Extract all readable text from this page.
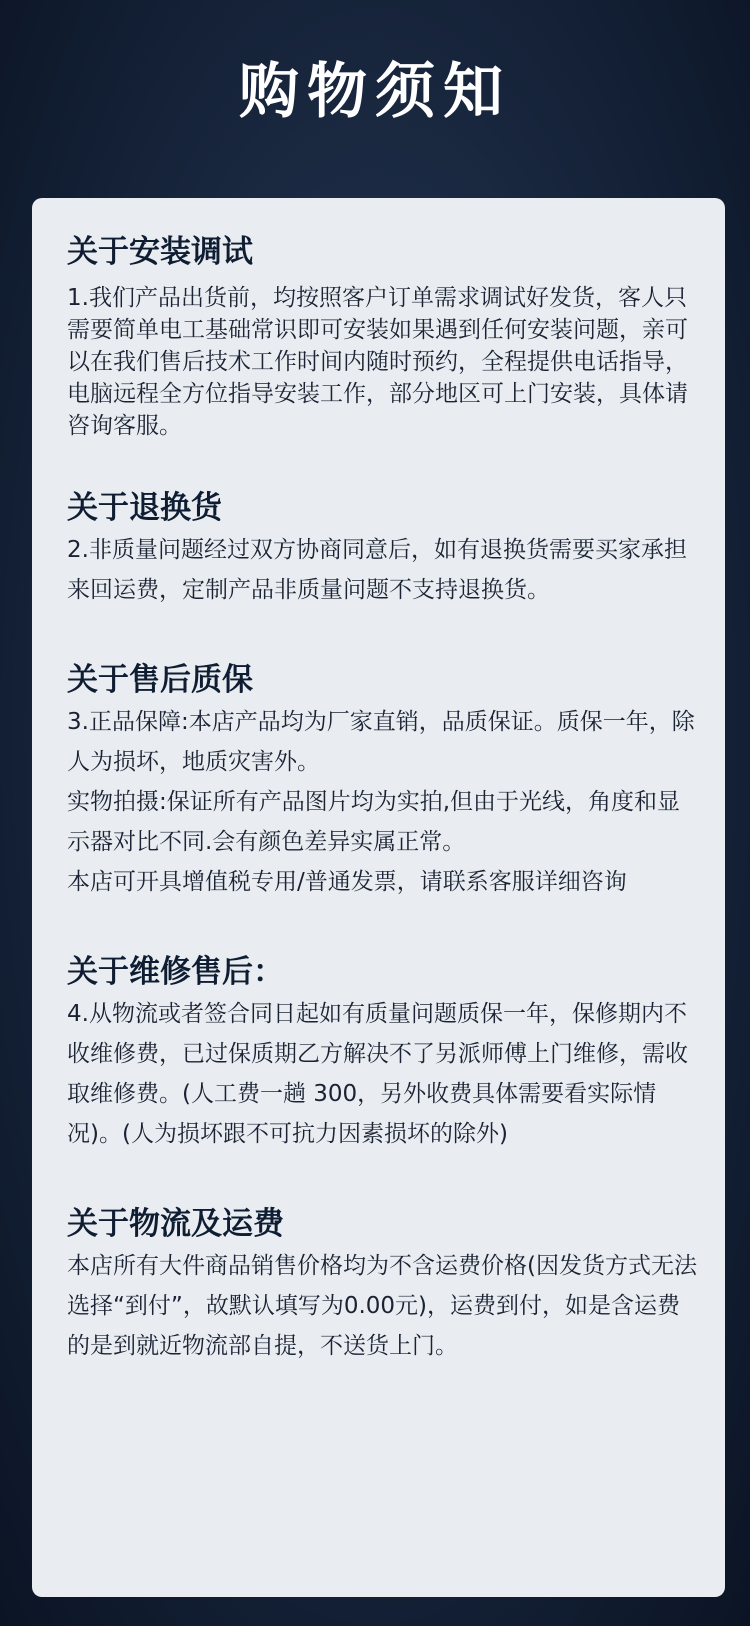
购物须知
关于安装调试

1.我们产品出货前，均按照客户订单需求调试好发货，客人只需要简单电工基础常识即可安装如果遇到任何安装问题，亲可以在我们售后技术工作时间内随时预约，全程提供电话指导，电脑远程全方位指导安装工作，部分地区可上门安装，具体请咨询客服。

关于退换货

2.非质量问题经过双方协商同意后，如有退换货需要买家承担来回运费，定制产品非质量问题不支持退换货。

关于售后质保

3.正品保障:本店产品均为厂家直销，品质保证。质保一年，除人为损坏，地质灾害外。

实物拍摄:保证所有产品图片均为实拍,但由于光线，角度和显示器对比不同.会有颜色差异实属正常。

本店可开具增值税专用/普通发票，请联系客服详细咨询

关于维修售后：

4.从物流或者签合同日起如有质量问题质保一年，保修期内不收维修费，已过保质期乙方解决不了另派师傅上门维修，需收取维修费。(人工费一趟 300，另外收费具体需要看实际情况)。(人为损坏跟不可抗力因素损坏的除外)

关于物流及运费

本店所有大件商品销售价格均为不含运费价格(因发货方式无法选择“到付”，故默认填写为0.00元)，运费到付，如是含运费的是到就近物流部自提，不送货上门。
